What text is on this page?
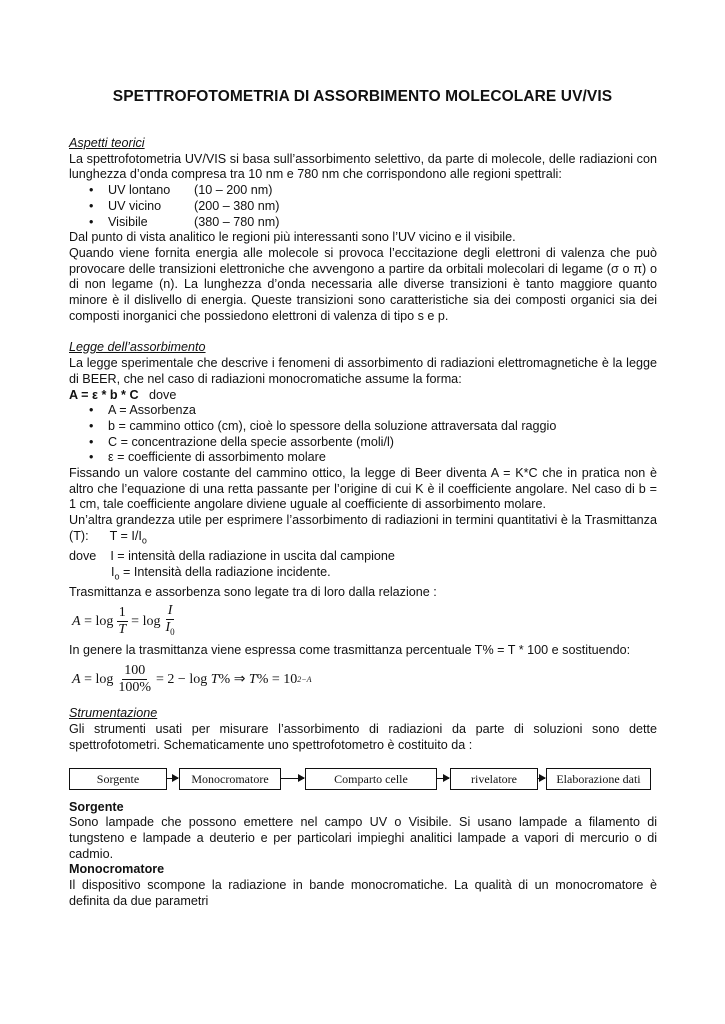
SPETTROFOTOMETRIA DI ASSORBIMENTO MOLECOLARE UV/VIS
Aspetti teorici

La spettrofotometria UV/VIS si basa sull’assorbimento selettivo, da parte di molecole, delle radiazioni con lunghezza d’onda compresa tra 10 nm e 780 nm che corrispondono alle regioni spettrali:

• UV lontano (10 – 200 nm)
• UV vicino	(200 – 380 nm)
• Visibile	(380 – 780 nm)

Dal punto di vista analitico le regioni più interessanti sono l’UV vicino e il visibile.

Quando viene fornita energia alle molecole si provoca l’eccitazione degli elettroni di valenza che può provocare delle transizioni elettroniche che avvengono a partire da orbitali molecolari di legame (σ o π) o di non legame (n). La lunghezza d’onda necessaria alle diverse transizioni è tanto maggiore quanto minore è il dislivello di energia. Queste transizioni sono caratteristiche sia dei composti organici sia dei composti inorganici che possiedono elettroni di valenza di tipo s e p.

Legge dell’assorbimento

La legge sperimentale che descrive i fenomeni di assorbimento di radiazioni elettromagnetiche è la legge di BEER, che nel caso di radiazioni monocromatiche assume la forma:

A = ε * b * C dove
• A = Assorbenza
• b = cammino ottico (cm), cioè lo spessore della soluzione attraversata dal raggio
• C = concentrazione della specie assorbente (moli/l)
• ε = coefficiente di assorbimento molare

Fissando un valore costante del cammino ottico, la legge di Beer diventa A = K*C che in pratica non è altro che l’equazione di una retta passante per l’origine di cui K è il coefficiente angolare. Nel caso di b = 1 cm, tale coefficiente angolare diviene uguale al coefficiente di assorbimento molare.

Un’altra grandezza utile per esprimere l’assorbimento di radiazioni in termini quantitativi è la Trasmittanza (T): $T = I/I_o$

dove I = intensità della radiazione in uscita dal campione
$I_o$ = Intensità della radiazione incidente.

Trasmittanza e assorbenza sono legate tra di loro dalla relazione :

A
=
$\log \frac{1}{T}$ =
$\log \frac{I}{I_0}$

In genere la trasmittanza viene espressa come trasmittanza percentuale T% = T * 100 e sostituendo:

A
=
$\log \frac{100}{100\%} = 2 - \log$
T %
⇒
T % = 10 2−A
Strumentazione

Gli strumenti usati per misurare l’assorbimento di radiazioni da parte di soluzioni sono dette spettrofotometri. Schematicamente uno spettrofotometro è costituito da :

Sorgente	Monocromatore	Comparto celle	rivelatore	Elaborazione dati
Sorgente

Sono lampade che possono emettere nel campo UV o Visibile. Si usano lampade a filamento di tungsteno e lampade a deuterio e per particolari impieghi analitici lampade a vapori di mercurio o di cadmio.

Monocromatore

Il dispositivo scompone la radiazione in bande monocromatiche. La qualità di un monocromatore è definita da due parametri
